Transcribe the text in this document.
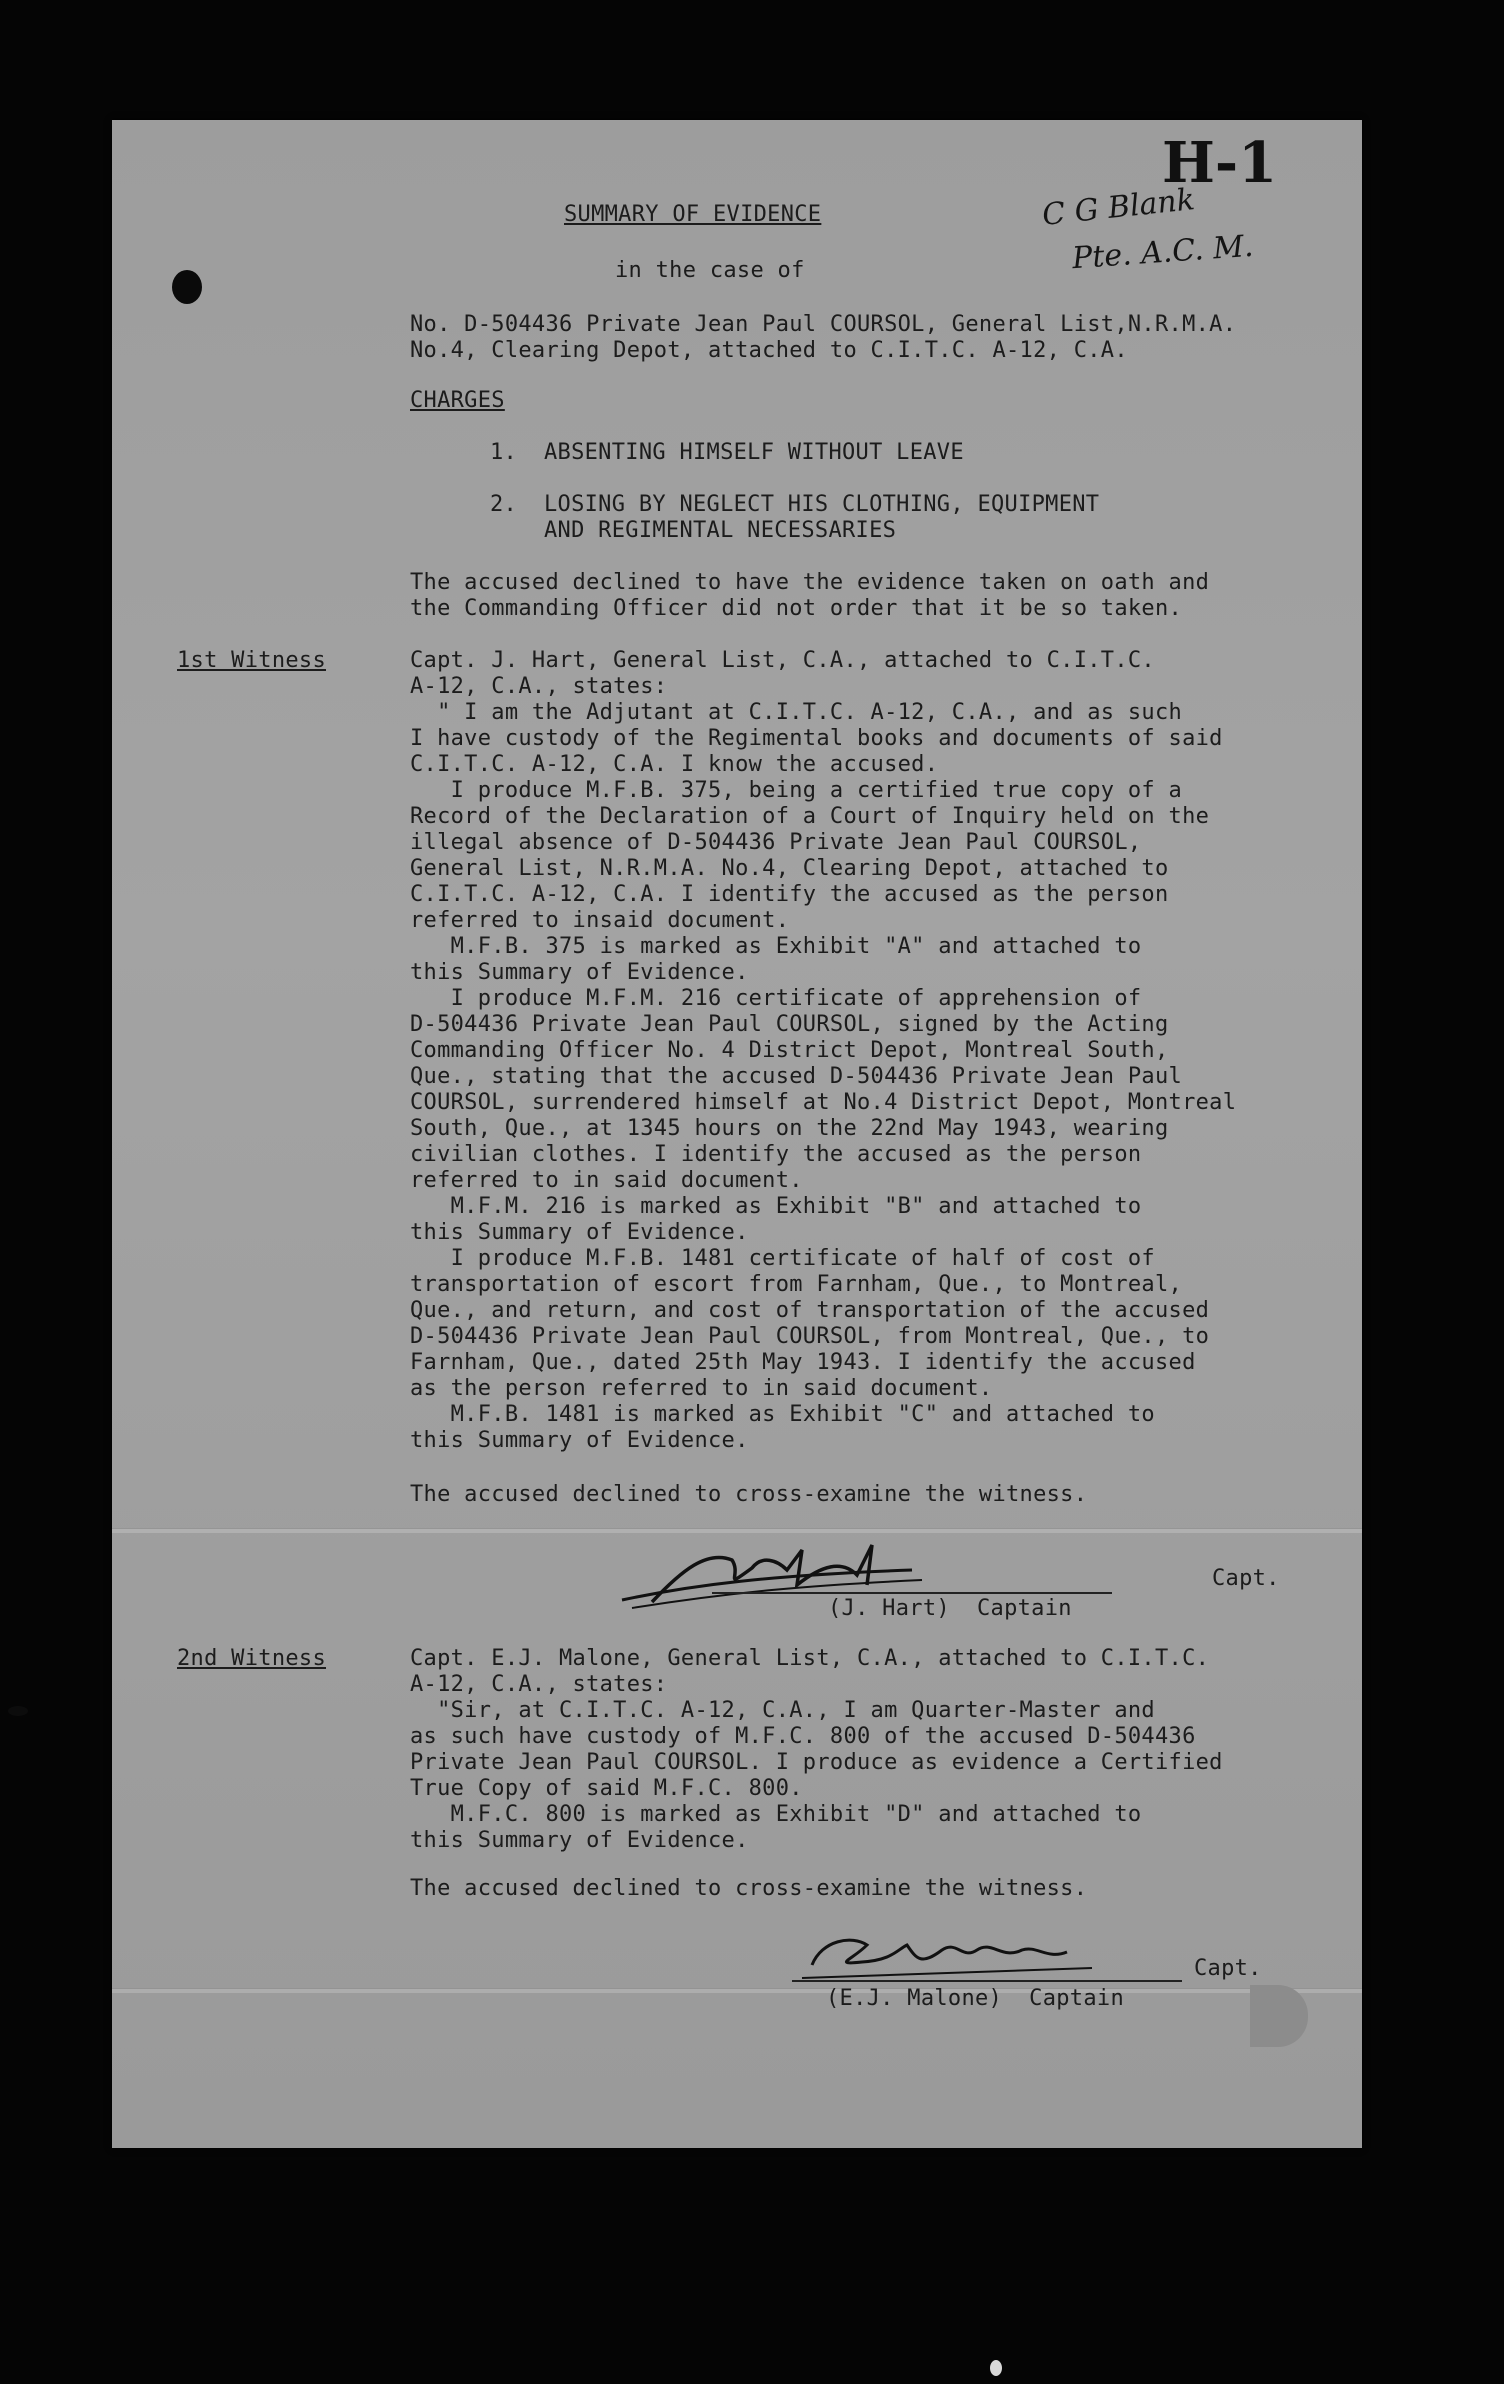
H-1
C G Blank
Pte. A.C. M.
SUMMARY OF EVIDENCE
in the case of
No. D-504436 Private Jean Paul COURSOL, General List,N.R.M.A.
No.4, Clearing Depot, attached to C.I.T.C. A-12, C.A.
CHARGES
1. ABSENTING HIMSELF WITHOUT LEAVE
2. LOSING BY NEGLECT HIS CLOTHING, EQUIPMENT
AND REGIMENTAL NECESSARIES
The accused declined to have the evidence taken on oath and
the Commanding Officer did not order that it be so taken.
1st Witness	Capt. J. Hart, General List, C.A., attached to C.I.T.C.
A-12, C.A., states:
" I am the Adjutant at C.I.T.C. A-12, C.A., and as such
I have custody of the Regimental books and documents of said
C.I.T.C. A-12, C.A. I know the accused.
I produce M.F.B. 375, being a certified true copy of a
Record of the Declaration of a Court of Inquiry held on the
illegal absence of D-504436 Private Jean Paul COURSOL,
General List, N.R.M.A. No.4, Clearing Depot, attached to
C.I.T.C. A-12, C.A. I identify the accused as the person
referred to insaid document.
M.F.B. 375 is marked as Exhibit "A" and attached to
this Summary of Evidence.
I produce M.F.M. 216 certificate of apprehension of
D-504436 Private Jean Paul COURSOL, signed by the Acting
Commanding Officer No. 4 District Depot, Montreal South,
Que., stating that the accused D-504436 Private Jean Paul
COURSOL, surrendered himself at No.4 District Depot, Montreal
South, Que., at 1345 hours on the 22nd May 1943, wearing
civilian clothes. I identify the accused as the person
referred to in said document.
M.F.M. 216 is marked as Exhibit "B" and attached to
this Summary of Evidence.
I produce M.F.B. 1481 certificate of half of cost of
transportation of escort from Farnham, Que., to Montreal,
Que., and return, and cost of transportation of the accused
D-504436 Private Jean Paul COURSOL, from Montreal, Que., to
Farnham, Que., dated 25th May 1943. I identify the accused
as the person referred to in said document.
M.F.B. 1481 is marked as Exhibit "C" and attached to
this Summary of Evidence.
The accused declined to cross-examine the witness.
Capt.
(J. Hart)  Captain
2nd Witness	Capt. E.J. Malone, General List, C.A., attached to C.I.T.C.
A-12, C.A., states:
"Sir, at C.I.T.C. A-12, C.A., I am Quarter-Master and
as such have custody of M.F.C. 800 of the accused D-504436
Private Jean Paul COURSOL. I produce as evidence a Certified
True Copy of said M.F.C. 800.
M.F.C. 800 is marked as Exhibit "D" and attached to
this Summary of Evidence.
The accused declined to cross-examine the witness.
Capt.
(E.J. Malone)  Captain
